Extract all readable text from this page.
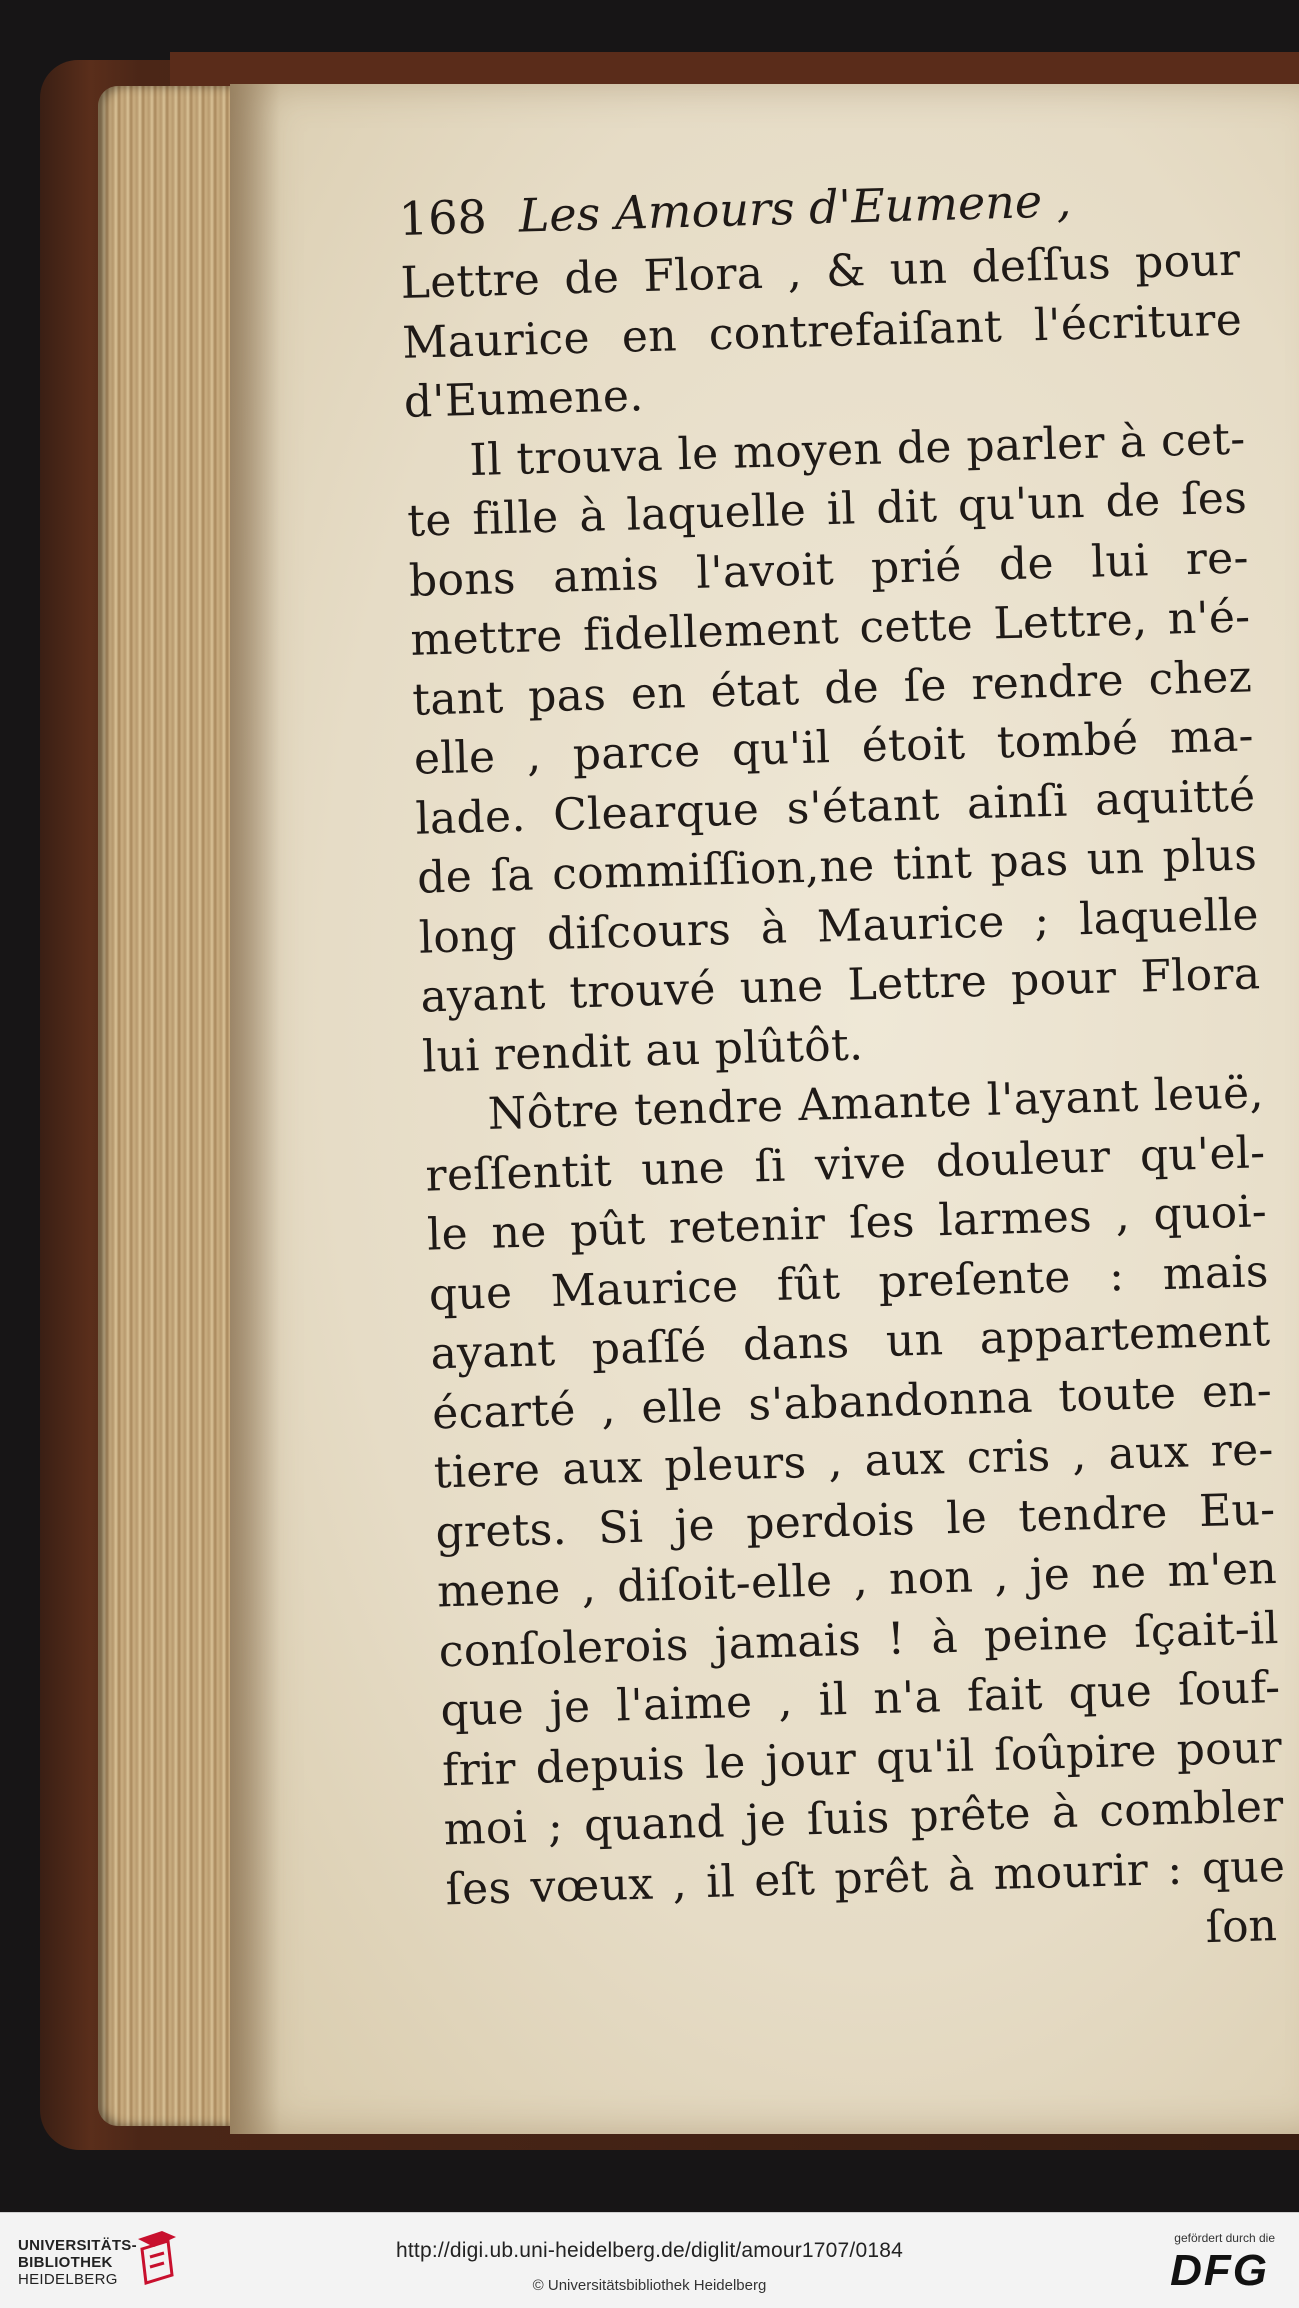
168 Les Amours d'Eumene ,
Lettre de Flora , & un deſſus pour
Maurice en contrefaiſant l'écriture
d'Eumene.
Il trouva le moyen de parler à cet-
te fille à laquelle il dit qu'un de ſes
bons amis l'avoit prié de lui re-
mettre fidellement cette Lettre, n'é-
tant pas en état de ſe rendre chez
elle , parce qu'il étoit tombé ma-
lade. Clearque s'étant ainſi aquitté
de ſa commiſſion,ne tint pas un plus
long diſcours à Maurice ; laquelle
ayant trouvé une Lettre pour Flora
lui rendit au plûtôt.
Nôtre tendre Amante l'ayant leuë,
reſſentit une ſi vive douleur qu'el-
le ne pût retenir ſes larmes , quoi-
que Maurice fût preſente : mais
ayant paſſé dans un appartement
écarté , elle s'abandonna toute en-
tiere aux pleurs , aux cris , aux re-
grets. Si je perdois le tendre Eu-
mene , diſoit-elle , non , je ne m'en
conſolerois jamais ! à peine ſçait-il
que je l'aime , il n'a fait que ſouf-
frir depuis le jour qu'il ſoûpire pour
moi ; quand je ſuis prête à combler
ſes vœux , il eſt prêt à mourir : que
ſon
UNIVERSITÄTS-
BIBLIOTHEK
HEIDELBERG
http://digi.ub.uni-heidelberg.de/diglit/amour1707/0184
© Universitätsbibliothek Heidelberg
gefördert durch die
DFG
